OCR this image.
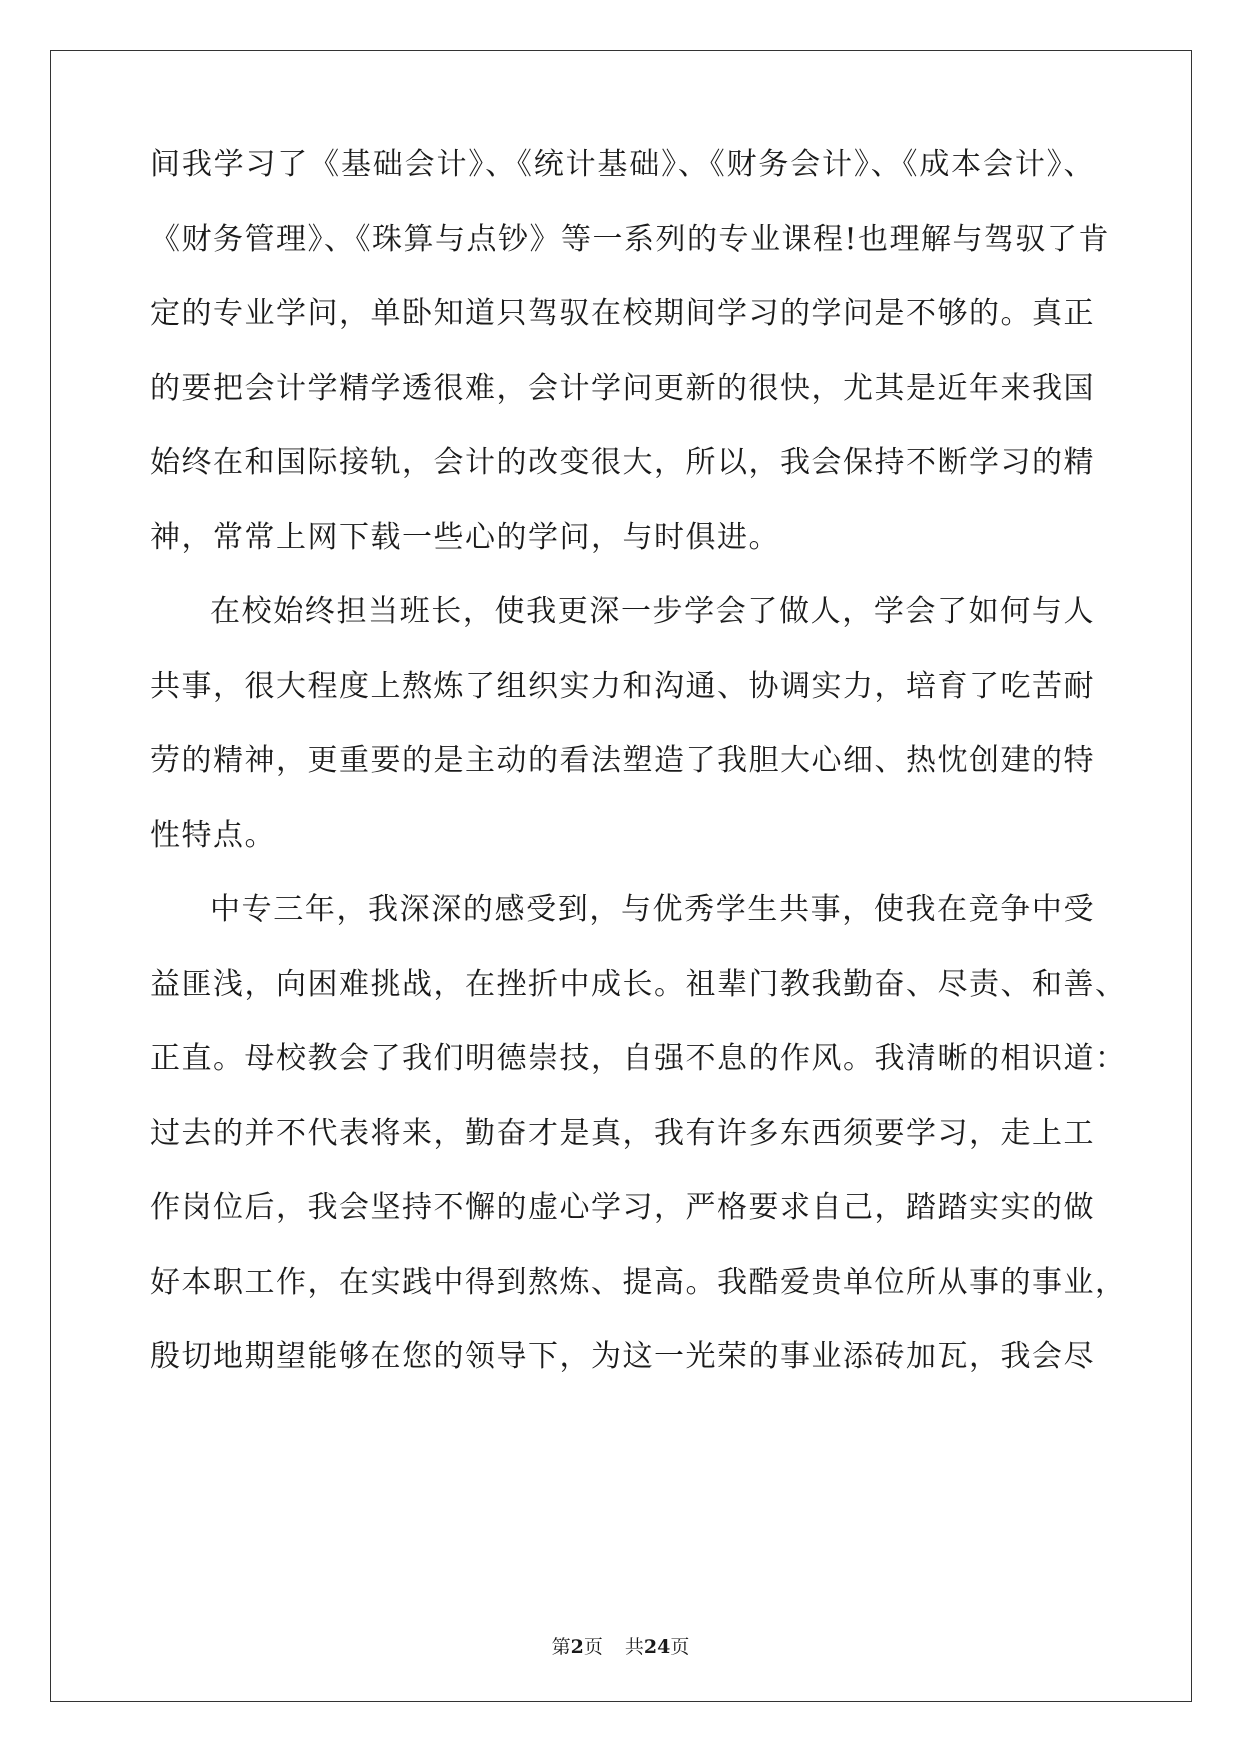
间我学习了《基础会计》、《统计基础》、《财务会计》、《成本会计》、
《财务管理》、《珠算与点钞》等一系列的专业课程!也理解与驾驭了肯
定的专业学问，单卧知道只驾驭在校期间学习的学问是不够的。真正
的要把会计学精学透很难，会计学问更新的很快，尤其是近年来我国
始终在和国际接轨，会计的改变很大，所以，我会保持不断学习的精
神，常常上网下载一些心的学问，与时俱进。
在校始终担当班长，使我更深一步学会了做人，学会了如何与人
共事，很大程度上熬炼了组织实力和沟通、协调实力，培育了吃苦耐
劳的精神，更重要的是主动的看法塑造了我胆大心细、热忱创建的特
性特点。
中专三年，我深深的感受到，与优秀学生共事，使我在竞争中受
益匪浅，向困难挑战，在挫折中成长。祖辈门教我勤奋、尽责、和善、
正直。母校教会了我们明德崇技，自强不息的作风。我清晰的相识道：
过去的并不代表将来，勤奋才是真，我有许多东西须要学习，走上工
作岗位后，我会坚持不懈的虚心学习，严格要求自己，踏踏实实的做
好本职工作，在实践中得到熬炼、提高。我酷爱贵单位所从事的事业，
殷切地期望能够在您的领导下，为这一光荣的事业添砖加瓦，我会尽
第2页 共24页
